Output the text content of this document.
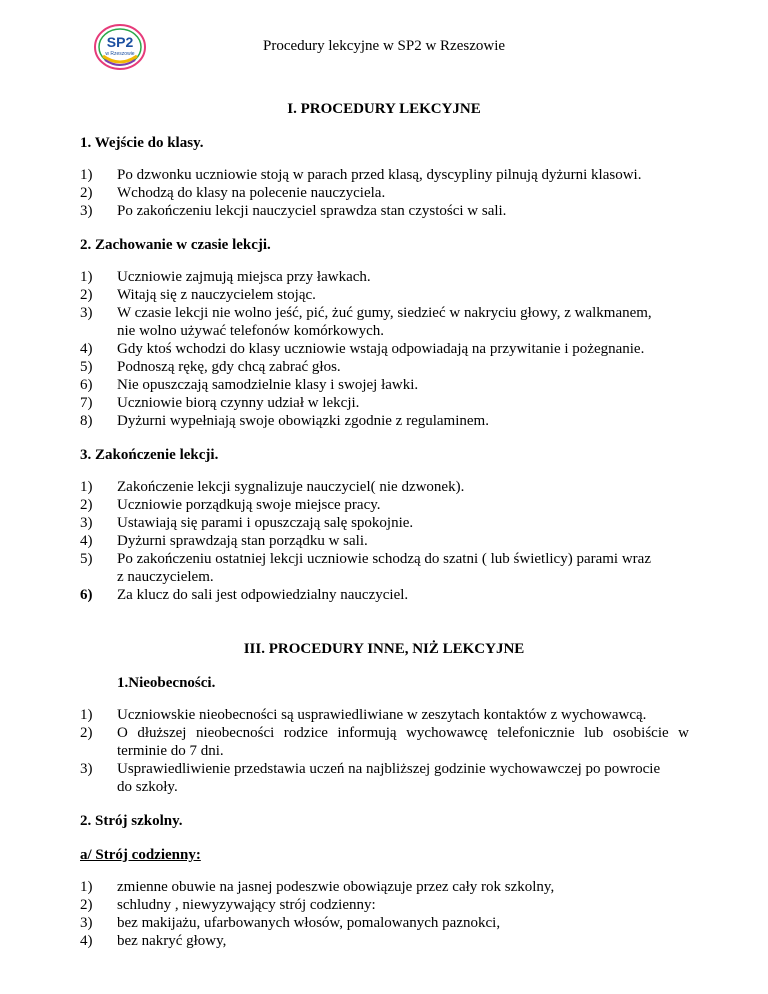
SP2
w Rzeszowie	Procedury lekcyjne w SP2 w Rzeszowie
I. PROCEDURY LEKCYJNE
1. Wejście do klasy.
1) Po dzwonku uczniowie stoją w parach przed klasą, dyscypliny pilnują dyżurni klasowi.
2) Wchodzą do klasy na polecenie nauczyciela.
3) Po zakończeniu lekcji nauczyciel sprawdza stan czystości w sali.
2. Zachowanie w czasie lekcji.
1) Uczniowie zajmują miejsca przy ławkach.
2) Witają się z nauczycielem stojąc.
3) W czasie lekcji nie wolno jeść, pić, żuć gumy, siedzieć w nakryciu głowy, z walkmanem,
nie wolno używać telefonów komórkowych.
4) Gdy ktoś wchodzi do klasy uczniowie wstają odpowiadają na przywitanie i pożegnanie.
5) Podnoszą rękę, gdy chcą zabrać głos.
6) Nie opuszczają samodzielnie klasy i swojej ławki.
7) Uczniowie biorą czynny udział w lekcji.
8) Dyżurni wypełniają swoje obowiązki zgodnie z regulaminem.
3. Zakończenie lekcji.
1) Zakończenie lekcji sygnalizuje nauczyciel( nie dzwonek).
2) Uczniowie porządkują swoje miejsce pracy.
3) Ustawiają się parami i opuszczają salę spokojnie.
4) Dyżurni sprawdzają stan porządku w sali.
5) Po zakończeniu ostatniej lekcji uczniowie schodzą do szatni ( lub świetlicy) parami wraz
z nauczycielem.
6) Za klucz do sali jest odpowiedzialny nauczyciel.
III. PROCEDURY INNE, NIŻ LEKCYJNE
1.Nieobecności.
1) Uczniowskie nieobecności są usprawiedliwiane w zeszytach kontaktów z wychowawcą.
2) O dłuższej nieobecności rodzice informują wychowawcę telefonicznie lub osobiście w
terminie do 7 dni.
3) Usprawiedliwienie przedstawia uczeń na najbliższej godzinie wychowawczej po powrocie
do szkoły.
2. Strój szkolny.
a/ Strój codzienny:
1) zmienne obuwie na jasnej podeszwie obowiązuje przez cały rok szkolny,
2) schludny , niewyzywający strój codzienny:
3) bez makijażu, ufarbowanych włosów, pomalowanych paznokci,
4) bez nakryć głowy,
